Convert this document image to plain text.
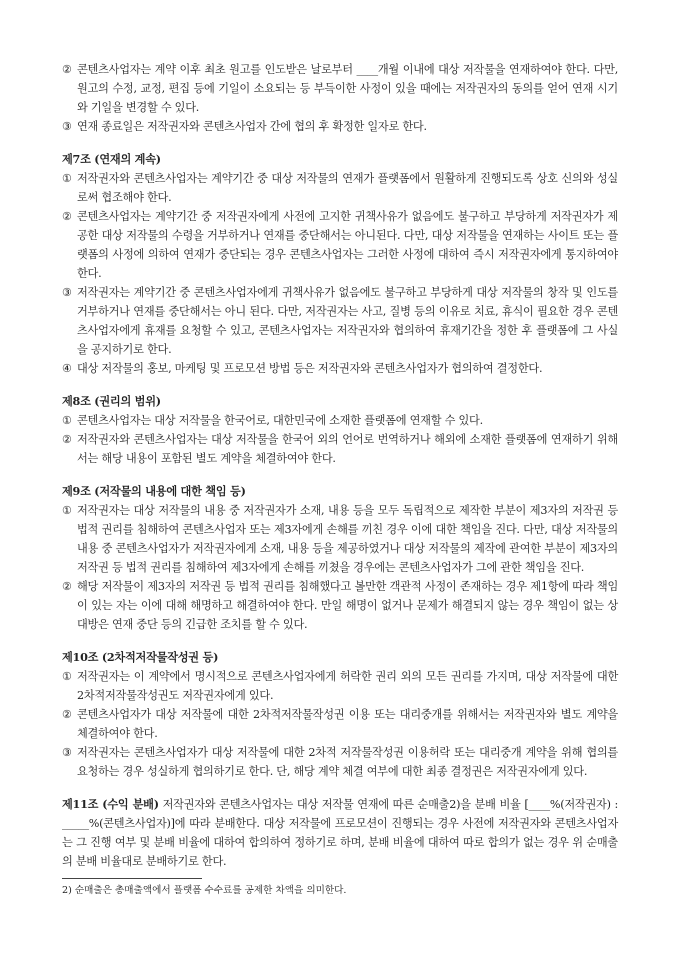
② 콘텐츠사업자는 계약 이후 최초 원고를 인도받은 날로부터 ____개월 이내에 대상 저작물을 연재하여야 한다. 다만, 원고의 수정, 교정, 편집 등에 기일이 소요되는 등 부득이한 사정이 있을 때에는 저작권자의 동의를 얻어 연재 시기와 기일을 변경할 수 있다.
③ 연재 종료일은 저작권자와 콘텐츠사업자 간에 협의 후 확정한 일자로 한다.
제7조 (연재의 계속)
① 저작권자와 콘텐츠사업자는 계약기간 중 대상 저작물의 연재가 플랫폼에서 원활하게 진행되도록 상호 신의와 성실로써 협조해야 한다.
② 콘텐츠사업자는 계약기간 중 저작권자에게 사전에 고지한 귀책사유가 없음에도 불구하고 부당하게 저작권자가 제공한 대상 저작물의 수령을 거부하거나 연재를 중단해서는 아니된다. 다만, 대상 저작물을 연재하는 사이트 또는 플랫폼의 사정에 의하여 연재가 중단되는 경우 콘텐츠사업자는 그러한 사정에 대하여 즉시 저작권자에게 통지하여야 한다.
③ 저작권자는 계약기간 중 콘텐츠사업자에게 귀책사유가 없음에도 불구하고 부당하게 대상 저작물의 창작 및 인도를 거부하거나 연재를 중단해서는 아니 된다. 다만, 저작권자는 사고, 질병 등의 이유로 치료, 휴식이 필요한 경우 콘텐츠사업자에게 휴재를 요청할 수 있고, 콘텐츠사업자는 저작권자와 협의하여 휴재기간을 정한 후 플랫폼에 그 사실을 공지하기로 한다.
④ 대상 저작물의 홍보, 마케팅 및 프로모션 방법 등은 저작권자와 콘텐츠사업자가 협의하여 결정한다.
제8조 (권리의 범위)
① 콘텐츠사업자는 대상 저작물을 한국어로, 대한민국에 소재한 플랫폼에 연재할 수 있다.
② 저작권자와 콘텐츠사업자는 대상 저작물을 한국어 외의 언어로 번역하거나 해외에 소재한 플랫폼에 연재하기 위해서는 해당 내용이 포함된 별도 계약을 체결하여야 한다.
제9조 (저작물의 내용에 대한 책임 등)
① 저작권자는 대상 저작물의 내용 중 저작권자가 소재, 내용 등을 모두 독립적으로 제작한 부분이 제3자의 저작권 등 법적 권리를 침해하여 콘텐츠사업자 또는 제3자에게 손해를 끼친 경우 이에 대한 책임을 진다. 다만, 대상 저작물의 내용 중 콘텐츠사업자가 저작권자에게 소재, 내용 등을 제공하였거나 대상 저작물의 제작에 관여한 부분이 제3자의 저작권 등 법적 권리를 침해하여 제3자에게 손해를 끼쳤을 경우에는 콘텐츠사업자가 그에 관한 책임을 진다.
② 해당 저작물이 제3자의 저작권 등 법적 권리를 침해했다고 볼만한 객관적 사정이 존재하는 경우 제1항에 따라 책임이 있는 자는 이에 대해 해명하고 해결하여야 한다. 만일 해명이 없거나 문제가 해결되지 않는 경우 책임이 없는 상대방은 연재 중단 등의 긴급한 조치를 할 수 있다.
제10조 (2차적저작물작성권 등)
① 저작권자는 이 계약에서 명시적으로 콘텐츠사업자에게 허락한 권리 외의 모든 권리를 가지며, 대상 저작물에 대한 2차적저작물작성권도 저작권자에게 있다.
② 콘텐츠사업자가 대상 저작물에 대한 2차적저작물작성권 이용 또는 대리중개를 위해서는 저작권자와 별도 계약을 체결하여야 한다.
③ 저작권자는 콘텐츠사업자가 대상 저작물에 대한 2차적 저작물작성권 이용허락 또는 대리중개 계약을 위해 협의를 요청하는 경우 성실하게 협의하기로 한다. 단, 해당 계약 체결 여부에 대한 최종 결정권은 저작권자에게 있다.
제11조 (수익 분배) 저작권자와 콘텐츠사업자는 대상 저작물 연재에 따른 순매출2)을 분배 비율 [____%(저작권자) : _____%(콘텐츠사업자)]에 따라 분배한다. 대상 저작물에 프로모션이 진행되는 경우 사전에 저작권자와 콘텐츠사업자는 그 진행 여부 및 분배 비율에 대하여 합의하여 정하기로 하며, 분배 비율에 대하여 따로 합의가 없는 경우 위 순매출의 분배 비율대로 분배하기로 한다.
2) 순매출은 총매출액에서 플랫폼 수수료를 공제한 차액을 의미한다.
